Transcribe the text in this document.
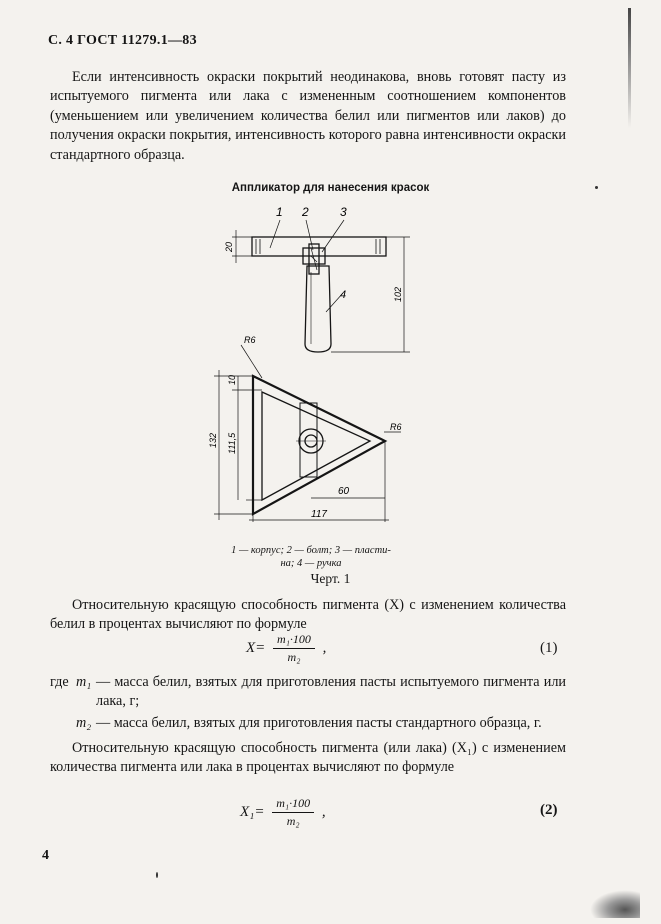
С. 4 ГОСТ 11279.1—83

Если интенсивность окраски покрытий неодинакова, вновь готовят пасту из испытуемого пигмента или лака с измененным соотношением компонентов (уменьшением или увеличением количества белил или пигментов или лаков) до получения окраски покрытия, интенсивность которого равна интенсивности окраски стандартного образца.

Аппликатор для нанесения красок
1 2	3
4
20
102
R6
R6
10
132 111,5
60
117
1 — корпус; 2 — болт; 3 — пласти-
на; 4 — ручка
Черт. 1

Относительную красящую способность пигмента (X) с изменением количества белил в процентах вычисляют по формуле

$X= \frac{\text{m₁·100}}{\text{m₂}}$ ,	(1)
где m₁ — масса белил, взятых для приготовления пасты испытуемого пигмента или лака, г;
m₂ — масса белил, взятых для приготовления пасты стандартного образца, г.

Относительную красящую способность пигмента (или лака) (X₁) с изменением количества пигмента или лака в процентах вычисляют по формуле

$X_1= \frac{\text{m₁·100}}{\text{m₂}}$ ,	(2)
4
